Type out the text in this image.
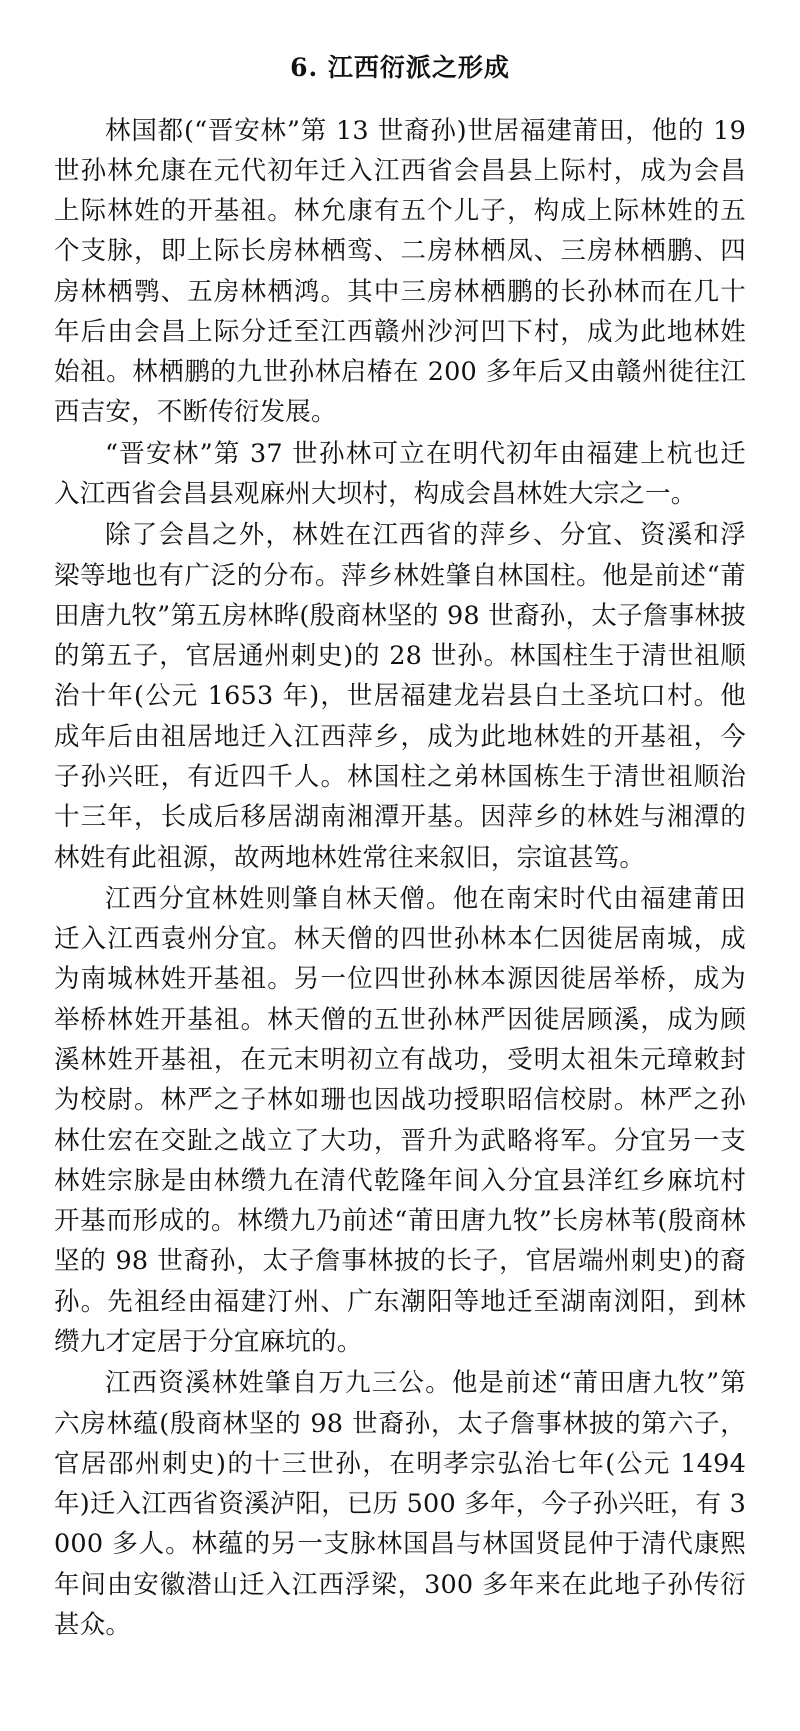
6. 江西衍派之形成

林国都(“晋安林”第 13 世裔孙)世居福建莆田，他的 19 世孙林允康在元代初年迁入江西省会昌县上际村，成为会昌上际林姓的开基祖。林允康有五个儿子，构成上际林姓的五个支脉，即上际长房林栖鸾、二房林栖凤、三房林栖鹏、四房林栖鹗、五房林栖鸿。其中三房林栖鹏的长孙林而在几十年后由会昌上际分迁至江西赣州沙河凹下村，成为此地林姓始祖。林栖鹏的九世孙林启椿在 200 多年后又由赣州徙往江西吉安，不断传衍发展。

“晋安林”第 37 世孙林可立在明代初年由福建上杭也迁入江西省会昌县观麻州大坝村，构成会昌林姓大宗之一。

除了会昌之外，林姓在江西省的萍乡、分宜、资溪和浮梁等地也有广泛的分布。萍乡林姓肇自林国柱。他是前述“莆田唐九牧”第五房林晔(殷商林坚的 98 世裔孙，太子詹事林披的第五子，官居通州刺史)的 28 世孙。林国柱生于清世祖顺治十年(公元 1653 年)，世居福建龙岩县白土圣坑口村。他成年后由祖居地迁入江西萍乡，成为此地林姓的开基祖，今子孙兴旺，有近四千人。林国柱之弟林国栋生于清世祖顺治十三年，长成后移居湖南湘潭开基。因萍乡的林姓与湘潭的林姓有此祖源，故两地林姓常往来叙旧，宗谊甚笃。

江西分宜林姓则肇自林天僧。他在南宋时代由福建莆田迁入江西袁州分宜。林天僧的四世孙林本仁因徙居南城，成为南城林姓开基祖。另一位四世孙林本源因徙居举桥，成为举桥林姓开基祖。林天僧的五世孙林严因徙居顾溪，成为顾溪林姓开基祖，在元末明初立有战功，受明太祖朱元璋敕封为校尉。林严之子林如珊也因战功授职昭信校尉。林严之孙林仕宏在交趾之战立了大功，晋升为武略将军。分宜另一支林姓宗脉是由林缵九在清代乾隆年间入分宜县洋红乡麻坑村开基而形成的。林缵九乃前述“莆田唐九牧”长房林苇(殷商林坚的 98 世裔孙，太子詹事林披的长子，官居端州刺史)的裔孙。先祖经由福建汀州、广东潮阳等地迁至湖南浏阳，到林缵九才定居于分宜麻坑的。

江西资溪林姓肇自万九三公。他是前述“莆田唐九牧”第六房林蕴(殷商林坚的 98 世裔孙，太子詹事林披的第六子，官居邵州刺史)的十三世孙，在明孝宗弘治七年(公元 1494 年)迁入江西省资溪泸阳，已历 500 多年，今子孙兴旺，有 3000 多人。林蕴的另一支脉林国昌与林国贤昆仲于清代康熙年间由安徽潜山迁入江西浮梁，300 多年来在此地子孙传衍甚众。
